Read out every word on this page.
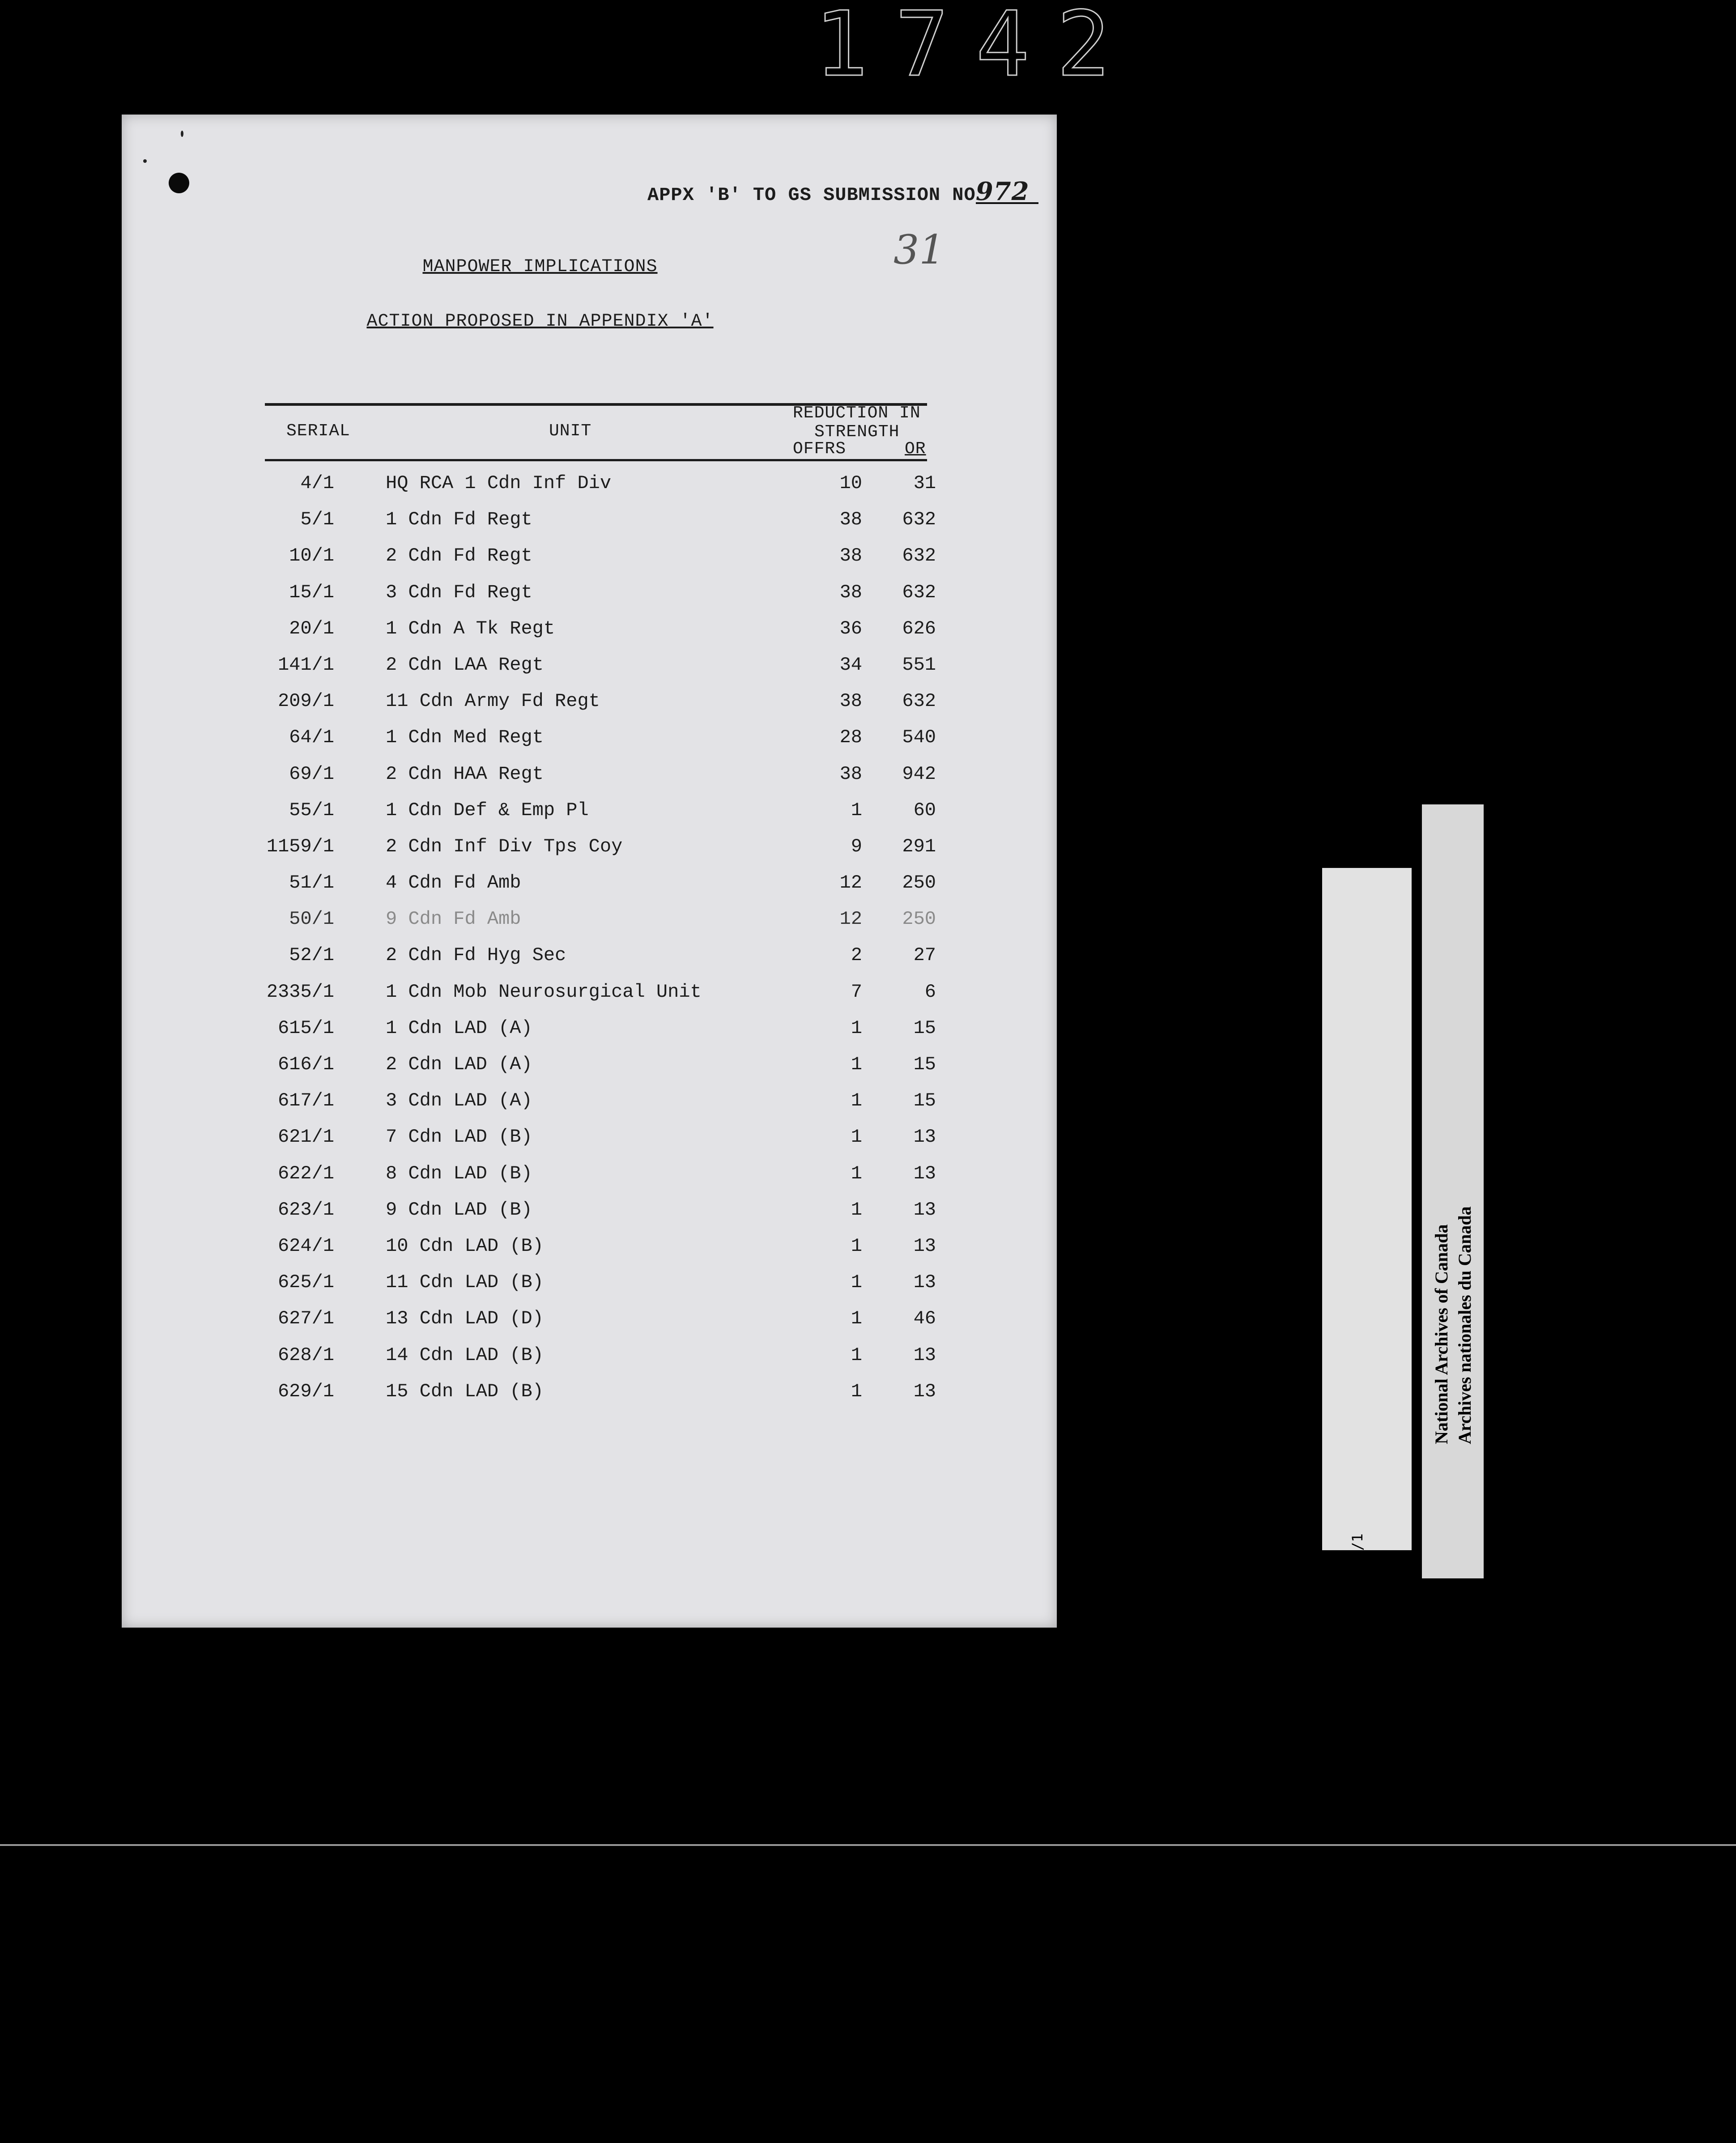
1742
APPX 'B' TO GS SUBMISSION NO972
31
MANPOWER IMPLICATIONS
ACTION PROPOSED IN APPENDIX 'A'
SERIAL	UNIT
REDUCTION IN
STRENGTH
OFFRS	OR
4/1	HQ RCA 1 Cdn Inf Div	10	31
5/1	1 Cdn Fd Regt	38	632
10/1	2 Cdn Fd Regt	38	632
15/1	3 Cdn Fd Regt	38	632
20/1	1 Cdn A Tk Regt	36	626
141/1	2 Cdn LAA Regt	34	551
209/1	11 Cdn Army Fd Regt	38	632
64/1	1 Cdn Med Regt	28	540
69/1	2 Cdn HAA Regt	38	942
55/1	1 Cdn Def & Emp Pl	1	60
1159/1	2 Cdn Inf Div Tps Coy	9	291
51/1	4 Cdn Fd Amb	12	250
50/1	9 Cdn Fd Amb	12	250
52/1	2 Cdn Fd Hyg Sec	2	27
2335/1	1 Cdn Mob Neurosurgical Unit	7	6
615/1	1 Cdn LAD (A)	1	15
616/1	2 Cdn LAD (A)	1	15
617/1	3 Cdn LAD (A)	1	15
621/1	7 Cdn LAD (B)	1	13
622/1	8 Cdn LAD (B)	1	13
623/1	9 Cdn LAD (B)	1	13
624/1	10 Cdn LAD (B)	1	13
625/1	11 Cdn LAD (B)	1	13
627/1	13 Cdn LAD (D)	1	46
628/1	14 Cdn LAD (B)	1	13
629/1	15 Cdn LAD (B)	1	13
DEPARTMENT OF NATIONAL
DEFENCE
MINISTERE DE LA DEFENSE
NATIONALE
RG 24, C-2, vol. 12498 File/dossier 6/1 MED R/1
National Archives of Canada Archives nationales du Canada
